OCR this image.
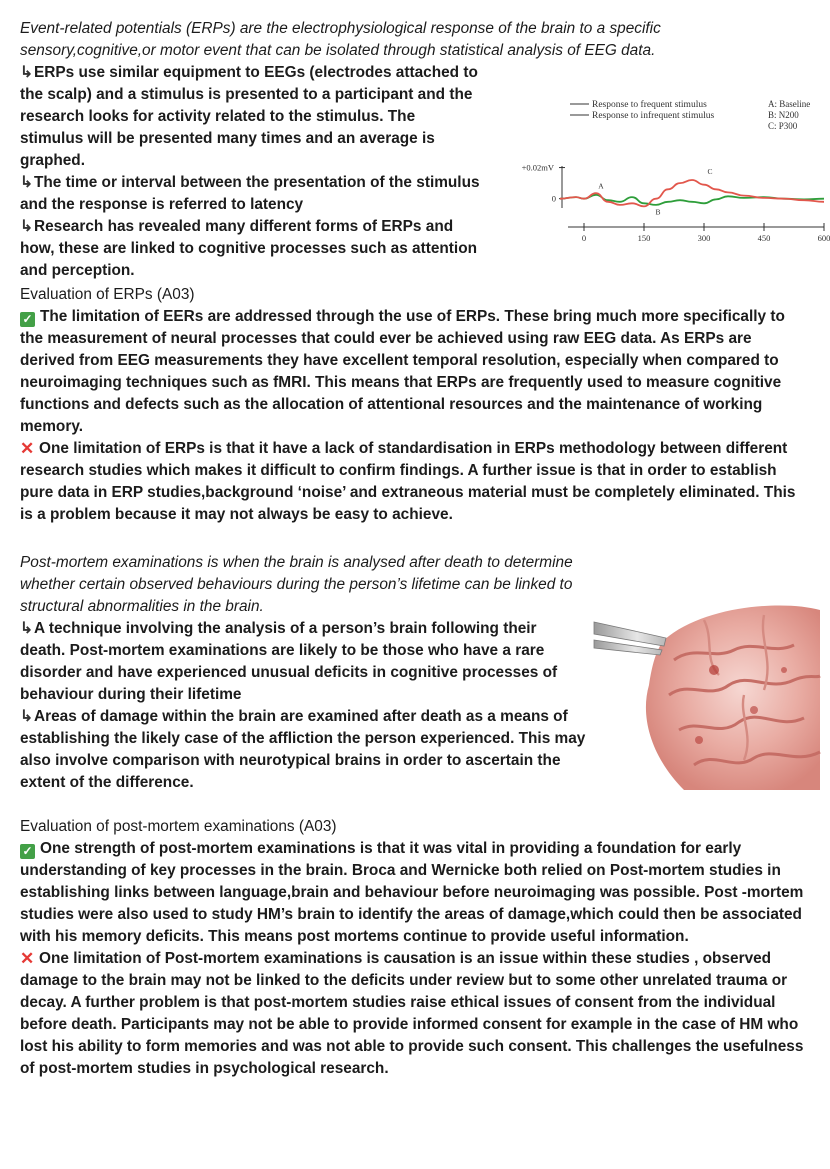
Event-related potentials (ERPs) are the electrophysiological response of the brain to a specific sensory,cognitive,or motor event that can be isolated through statistical analysis of EEG data.

↳ERPs use similar equipment to EEGs (electrodes attached to the scalp) and a stimulus is presented to a participant and the research looks for activity related to the stimulus. The stimulus will be presented many times and an average is graphed.

↳The time or interval between the presentation of the stimulus and the response is referred to latency

↳Research has revealed many different forms of ERPs and how, these are linked to cognitive processes such as attention and perception.

Evaluation of ERPs (A03)

✓ The limitation of EERs are addressed through the use of ERPs. These bring much more specifically to the measurement of neural processes that could ever be achieved using raw EEG data. As ERPs are derived from EEG measurements they have excellent temporal resolution, especially when compared to neuroimaging techniques such as fMRI. This means that ERPs are frequently used to measure cognitive functions and defects such as the allocation of attentional resources and the maintenance of working memory.

✕ One limitation of ERPs is that it have a lack of standardisation in ERPs methodology between different research studies which makes it difficult to confirm findings. A further issue is that in order to establish pure data in ERP studies,background ‘noise’ and extraneous material must be completely eliminated. This is a problem because it may not always be easy to achieve.

Post-mortem examinations is when the brain is analysed after death to determine whether certain observed behaviours during the person’s lifetime can be linked to structural abnormalities in the brain.

↳A technique involving the analysis of a person’s brain following their death. Post-mortem examinations are likely to be those who have a rare disorder and have experienced unusual deficits in cognitive processes of behaviour during their lifetime

↳Areas of damage within the brain are examined after death as a means of establishing the likely case of the affliction the person experienced. This may also involve comparison with neurotypical brains in order to ascertain the extent of the difference.

Evaluation of post-mortem examinations (A03)

✓ One strength of post-mortem examinations is that it was vital in providing a foundation for early understanding of key processes in the brain. Broca and Wernicke both relied on Post-mortem studies in establishing links between language,brain and behaviour before neuroimaging was possible. Post -mortem studies were also used to study HM’s brain to identify the areas of damage,which could then be associated with his memory deficits. This means post mortems continue to provide useful information.

✕ One limitation of Post-mortem examinations is causation is an issue within these studies , observed damage to the brain may not be linked to the deficits under review but to some other unrelated trauma or decay. A further problem is that post-mortem studies raise ethical issues of consent from the individual before death. Participants may not be able to provide informed consent for example in the case of HM who lost his ability to form memories and was not able to provide such consent. This challenges the usefulness of post-mortem studies in psychological research.

Response to frequent stimulus
Response to infrequent stimulus
A: Baseline
B: N200
C: P300
+0.02mV
0
0	150	300	450	600
A
B
C
